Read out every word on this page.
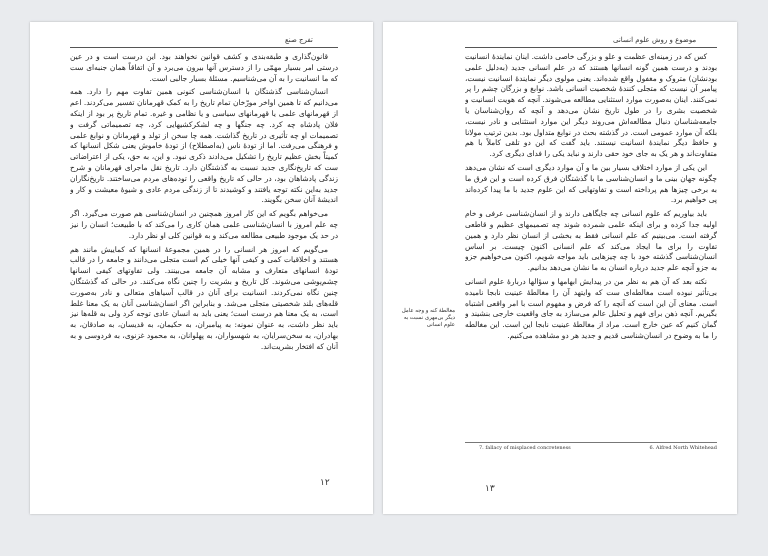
تفرج صنع

قانون‌گذاری و طبقه‌بندی و کشف قوانین نخواهند بود. این درست است و در عین درستی امر بسیار مهمّی را از دسترس آنها بیرون می‌برد و آن اتفاقاً همان جنبه‌ای ست که ما انسانیت را به آن می‌شناسیم. مسئلهٔ بسیار جالبی است.

انسان‌شناسی گذشتگان با انسان‌شناسی کنونی همین تفاوت مهم را دارد. همه می‌دانیم که تا همین اواخر مورّخان تمام تاریخ را به کمک قهرمانان تفسیر می‌کردند. اعم از قهرمانهای علمی یا قهرمانهای سیاسی و یا نظامی و غیره. تمام تاریخ پر بود از اینکه فلان پادشاه چه کرد. چه جنگها و چه لشکرکشیهایی کرد، چه تصمیماتی گرفت و تصمیمات او چه تأثیری در تاریخ گذاشت. همه چا سخن از تولد و قهرمانان و نوابغ علمی و فرهنگی می‌رفت. اما از تودهٔ ناس (به‌اصطلاح) از تودهٔ خاموش یعنی شکل انسانها که کمیتاً بخش عظیم تاریخ را تشکیل می‌دادند ذکری نبود. و این، به حق، یکی از اعتراضاتی ست که تاریخ‌نگاری جدید نسبت به گذشتگان دارد. تاریخ نقل ماجرای قهرمانان و شرح زندگی پادشاهان بود، در حالی که تاریخ واقعی را توده‌های مردم می‌ساختند. تاریخ‌نگاران جدید به‌این نکته توجه یافتند و کوشیدند تا از زندگی مردم عادی و شیوهٔ معیشت و کار و اندیشهٔ آنان سخن بگویند.

می‌خواهم بگویم که این کار امروز همچنین در انسان‌شناسی هم صورت می‌گیرد. اگر چه علم امروز با انسان‌شناسی علمی همان کاری را می‌کند که با طبیعت؛ انسان را نیز در حد یک موجود طبیعی مطالعه می‌کند و به قوانین کلی او نظر دارد.

می‌گویم که امروز هر انسانی را در همین مجموعهٔ انسانها که کماییش مانند هم هستند و اخلاقیات کمی و کیفی آنها خیلی کم است متجلی می‌دانند و جامعه را در قالب تودهٔ انسانهای متعارف و مشابه آن جامعه می‌بینند. ولی تفاوتهای کیفی انسانها چشم‌پوشی می‌شوند. کل تاریخ و بشریت را چنین نگاه می‌کنند. در حالی که گذشتگان چنین نگاه نمی‌کردند. انسانیت برای آنان در قالب آسیاهای متعالی و نادر به‌صورت قله‌های بلند شخصیتی متجلی می‌شد. و بنابراین اگر انسان‌شناسی آنان به یک معنا غلط است، به یک معنا هم درست است؛ یعنی باید به انسان عادی توجه کرد ولی به قله‌ها نیز باید نظر داشت، به عنوان نمونه: به پیامبران، به حکیمان، به قدیسان، به صادقان، به بهادران، به سخن‌سرایان، به شهسواران، به پهلوانان، به محمود غزنوی، به فردوسی و به آنان که افتخار بشریت‌اند.

۱۲
موضوع و روش علوم انسانی

کس که در زمینه‌ای عظمت و علو و بزرگی خاصی داشت. اینان نمایندهٔ انسانیت بودند و درست همین گونه انسانها هستند که در علم انسانی جدید (به‌دلیل علمی بودنشان) متروک و مغفول واقع شده‌اند. یعنی مولوی دیگر نمایندهٔ انسانیت نیست، پیامبر آن نیست که متجلی کنندهٔ شخصیت انسانی باشد. نوابغ و بزرگان چشم را پر نمی‌کنند. اینان به‌صورت موارد استثنایی مطالعه می‌شوند. آنچه که هویت انسانیت و شخصیت بشری را در طول تاریخ نشان می‌دهد و آنچه که روان‌شناسان یا جامعه‌شناسان دنبال مطالعه‌اش می‌روند دیگر این موارد استثنایی و نادر نیست، بلکه آن موارد عمومی است. در گذشته بحث در نوابغ متداول بود. بدین ترتیب مولانا و حافظ دیگر نمایندهٔ انسانیت نیستند. باید گفت که این دو تلقی کاملاً با هم متفاوت‌اند و هر یک به جای خود حقی دارند و نباید یکی را فدای دیگری کرد.

این یکی از موارد اختلاف بسیار بین ما و آن موارد دیگری است که نشان می‌دهد چگونه جهان بینی ما و انسان‌شناسی ما با گذشتگان فرق کرده است و این فرق ما به برخی چیزها هم پرداخته است و تفاوتهایی که این علوم جدید با ما پیدا کرده‌اند پی خواهیم برد.

باید بیاوریم که علوم انسانی چه جایگاهی دارند و از انسان‌شناسی عرفی و خام اولیه جدا کرده و برای اینکه علمی شمرده شوند چه تصمیمهای عظیم و قاطعی گرفته است. می‌بینیم که علم انسانی فقط به بخشی از انسان نظر دارد و همین تفاوت را برای ما ایجاد می‌کند که علم انسانی اکنون چیست. بر اساس انسان‌شناسی گذشته خود با چه چیزهایی باید مواجه شویم، اکنون می‌خواهیم جزو به جزو آنچه علم جدید درباره انسان به ما نشان می‌دهد بدانیم.

نکته بعد که آن هم به نظر من در پیدایش ابهامها و سؤالها دربارهٔ علوم انسانی بی‌تأثیر نبوده است مغالطه‌ای ست که وایتهد آن را مغالطهٔ عینیت نابجا نامیده است. معنای آن این است که آنچه را که فرض و مفهوم است با امر واقعی اشتباه بگیریم. آنچه ذهن برای فهم و تحلیل عالم می‌سازد به جای واقعیت خارجی بنشیند و گمان کنیم که عین خارج است. مراد از مغالطهٔ عینیت نابجا این است. این مغالطه را ما به وضوح در انسان‌شناسی قدیم و جدید هر دو مشاهده می‌کنیم.

مغالطهٔ کنه و وجه عامل دیگر بی‌مهری نسبت به علوم انسانی
6. Alfred North Whitehead
7. fallacy of misplaced concreteness
۱۳
